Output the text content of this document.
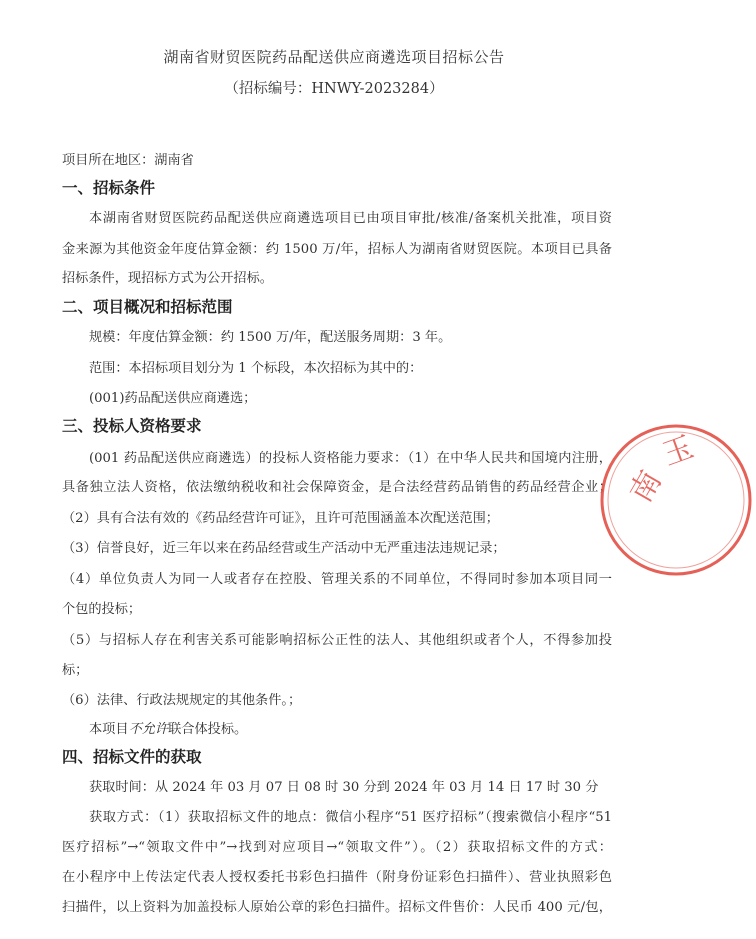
湖南省财贸医院药品配送供应商遴选项目招标公告
（招标编号：HNWY-2023284）
项目所在地区：湖南省
一、招标条件
本湖南省财贸医院药品配送供应商遴选项目已由项目审批/核准/备案机关批准，项目资
金来源为其他资金年度估算金额：约 1500 万/年，招标人为湖南省财贸医院。本项目已具备
招标条件，现招标方式为公开招标。
二、项目概况和招标范围
规模：年度估算金额：约 1500 万/年，配送服务周期：3 年。
范围：本招标项目划分为 1 个标段，本次招标为其中的：
(001)药品配送供应商遴选；
三、投标人资格要求
(001 药品配送供应商遴选）的投标人资格能力要求：（1）在中华人民共和国境内注册，
具备独立法人资格，依法缴纳税收和社会保障资金，是合法经营药品销售的药品经营企业；
（2）具有合法有效的《药品经营许可证》，且许可范围涵盖本次配送范围；
（3）信誉良好，近三年以来在药品经营或生产活动中无严重违法违规记录；
（4）单位负责人为同一人或者存在控股、管理关系的不同单位，不得同时参加本项目同一
个包的投标；
（5）与招标人存在利害关系可能影响招标公正性的法人、其他组织或者个人，不得参加投
标；
（6）法律、行政法规规定的其他条件。；
本项目不允许联合体投标。
四、招标文件的获取
获取时间：从 2024 年 03 月 07 日 08 时 30 分到 2024 年 03 月 14 日 17 时 30 分
获取方式：（1）获取招标文件的地点：微信小程序“51 医疗招标”（搜索微信小程序“51
医疗招标”→“领取文件中”→找到对应项目→“领取文件”）。（2）获取招标文件的方式：
在小程序中上传法定代表人授权委托书彩色扫描件（附身份证彩色扫描件）、营业执照彩色
扫描件，以上资料为加盖投标人原始公章的彩色扫描件。招标文件售价：人民币 400 元/包，
南
玉
